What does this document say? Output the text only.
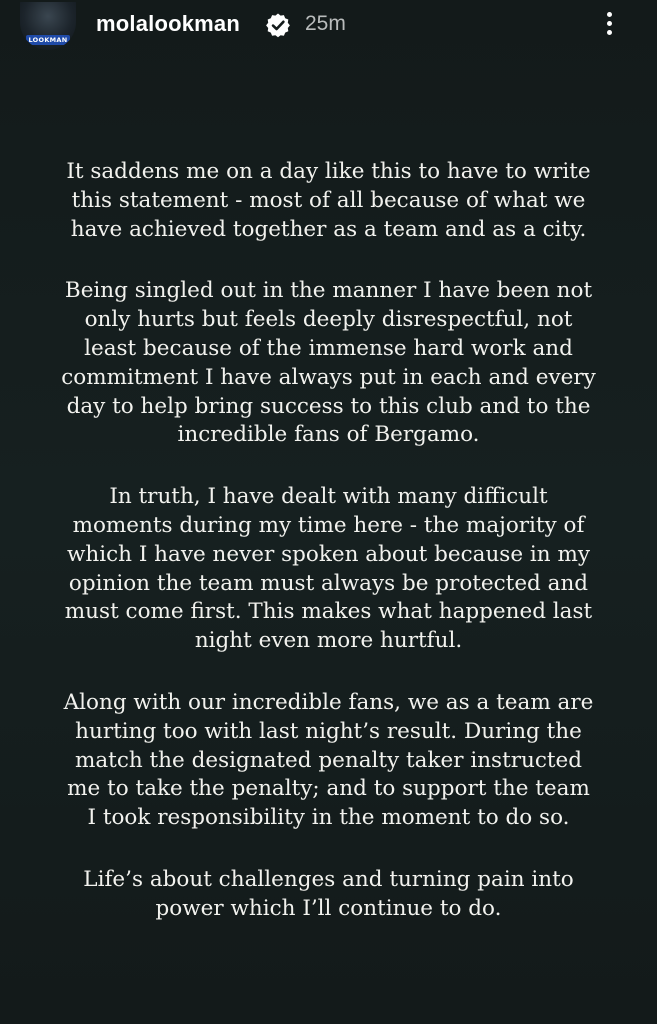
LOOKMAN
molalookman	25m

It saddens me on a day like this to have to write
this statement - most of all because of what we
have achieved together as a team and as a city.

Being singled out in the manner I have been not
only hurts but feels deeply disrespectful, not
least because of the immense hard work and
commitment I have always put in each and every
day to help bring success to this club and to the
incredible fans of Bergamo.

In truth, I have dealt with many difficult
moments during my time here - the majority of
which I have never spoken about because in my
opinion the team must always be protected and
must come first. This makes what happened last
night even more hurtful.

Along with our incredible fans, we as a team are
hurting too with last night’s result. During the
match the designated penalty taker instructed
me to take the penalty; and to support the team
I took responsibility in the moment to do so.

Life’s about challenges and turning pain into
power which I’ll continue to do.
